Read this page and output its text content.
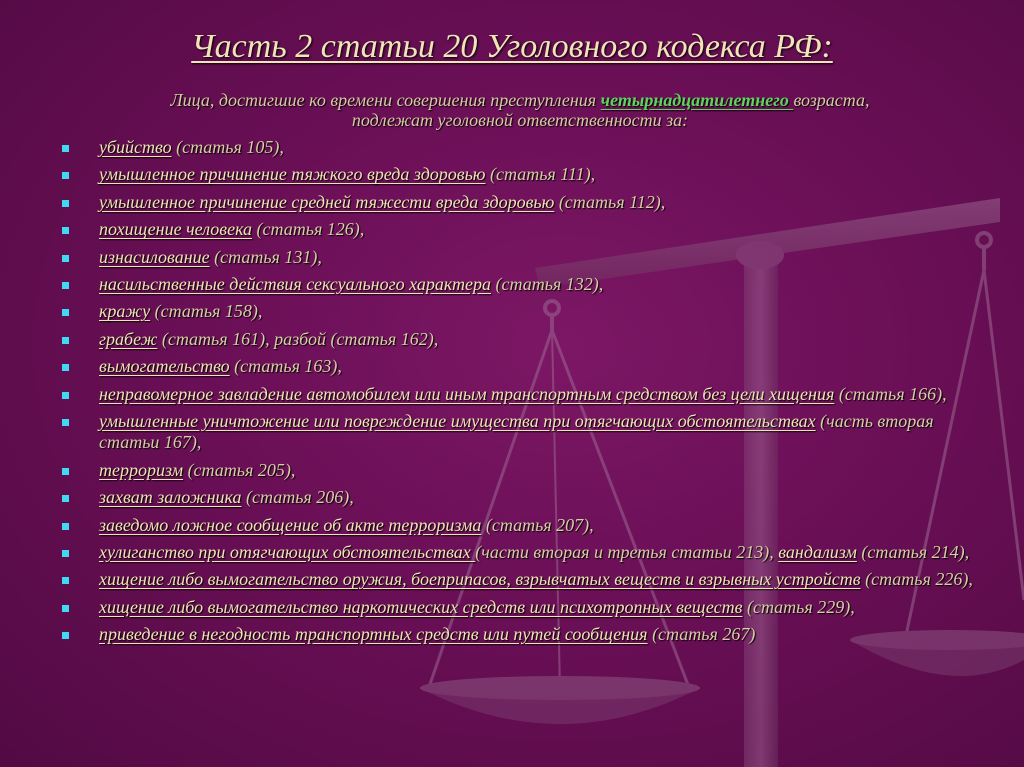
Часть 2 статьи 20 Уголовного кодекса РФ:
Лица, достигшие ко времени совершения преступления четырнадцатилетнего возраста,
подлежат уголовной ответственности за:
убийство (статья 105),
умышленное причинение тяжкого вреда здоровью (статья 111),
умышленное причинение средней тяжести вреда здоровью (статья 112),
похищение человека (статья 126),
изнасилование (статья 131),
насильственные действия сексуального характера (статья 132),
кражу (статья 158),
грабеж (статья 161), разбой (статья 162),
вымогательство (статья 163),
неправомерное завладение автомобилем или иным транспортным средством без цели хищения (статья 166),
умышленные уничтожение или повреждение имущества при отягчающих обстоятельствах (часть вторая статьи 167),
терроризм (статья 205),
захват заложника (статья 206),
заведомо ложное сообщение об акте терроризма (статья 207),
хулиганство при отягчающих обстоятельствах (части вторая и третья статьи 213), вандализм (статья 214),
хищение либо вымогательство оружия, боеприпасов, взрывчатых веществ и взрывных устройств (статья 226),
хищение либо вымогательство наркотических средств или психотропных веществ (статья 229),
приведение в негодность транспортных средств или путей сообщения (статья 267)
